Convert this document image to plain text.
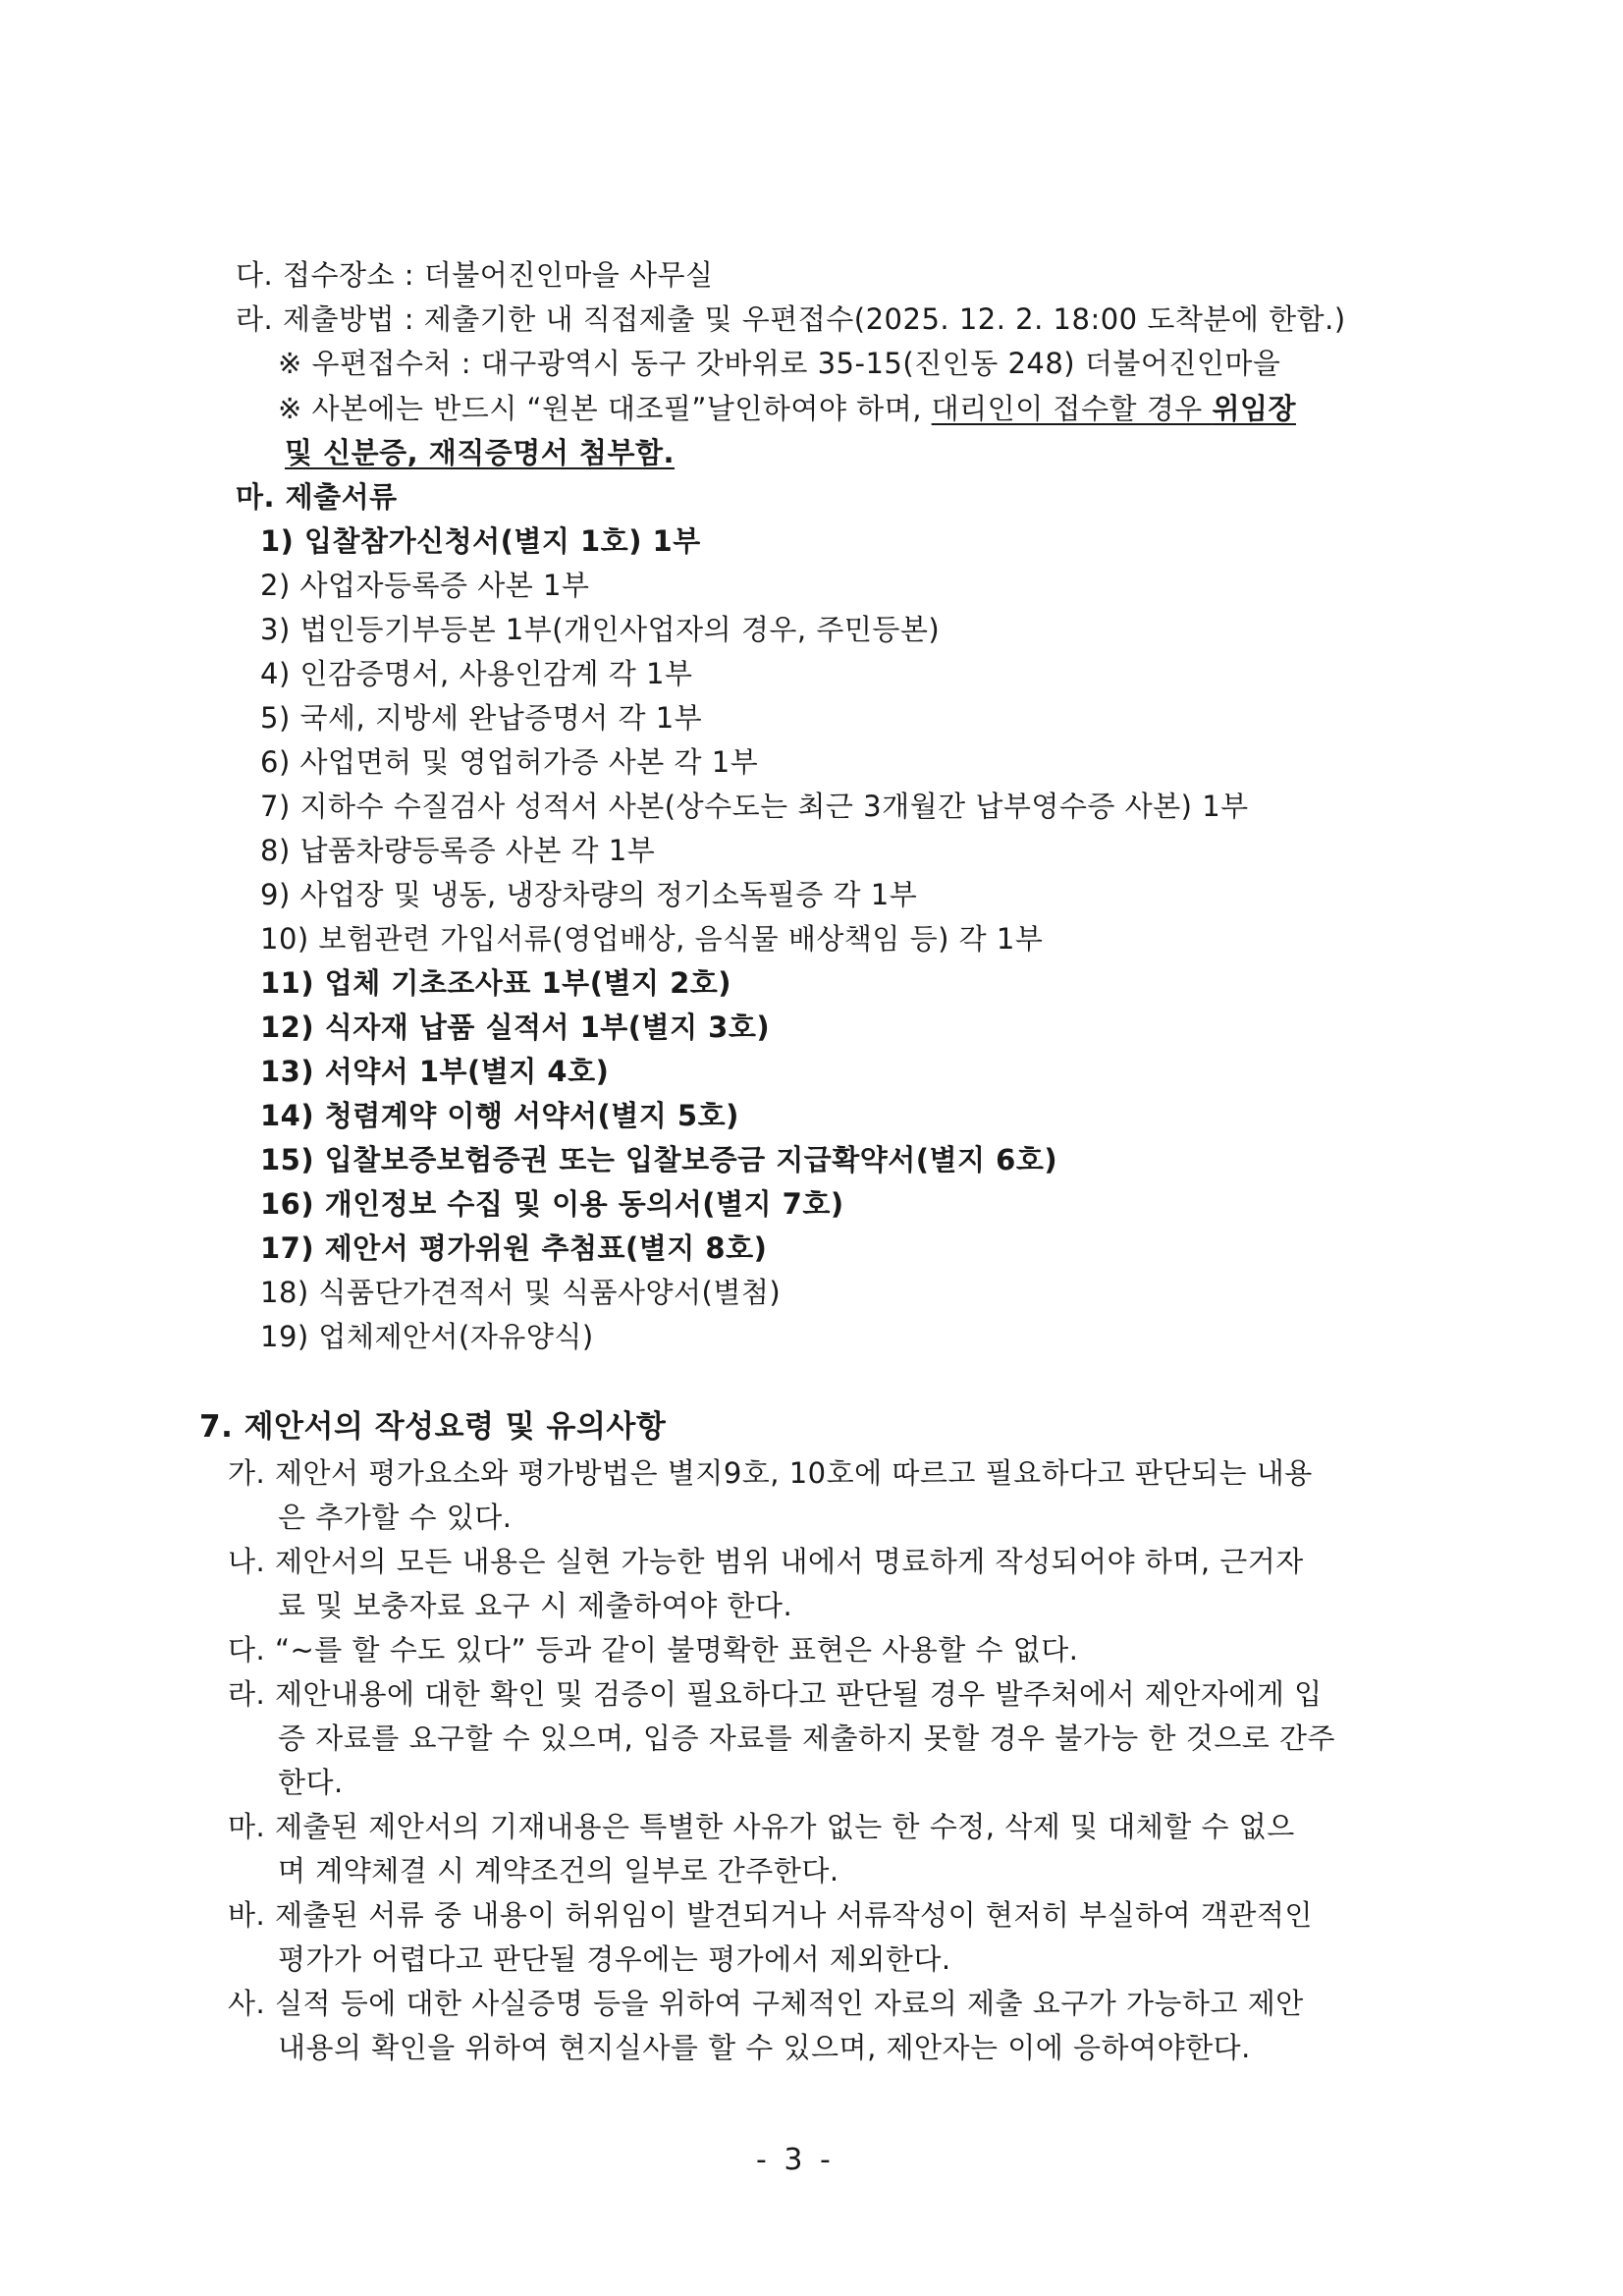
다. 접수장소 : 더불어진인마을 사무실
라. 제출방법 : 제출기한 내 직접제출 및 우편접수(2025. 12. 2. 18:00 도착분에 한함.)
※ 우편접수처 : 대구광역시 동구 갓바위로 35-15(진인동 248) 더불어진인마을
※ 사본에는 반드시 “원본 대조필”날인하여야 하며, 대리인이 접수할 경우 위임장
및 신분증, 재직증명서 첨부함.
마. 제출서류
1) 입찰참가신청서(별지 1호) 1부
2) 사업자등록증 사본 1부
3) 법인등기부등본 1부(개인사업자의 경우, 주민등본)
4) 인감증명서, 사용인감계 각 1부
5) 국세, 지방세 완납증명서 각 1부
6) 사업면허 및 영업허가증 사본 각 1부
7) 지하수 수질검사 성적서 사본(상수도는 최근 3개월간 납부영수증 사본) 1부
8) 납품차량등록증 사본 각 1부
9) 사업장 및 냉동, 냉장차량의 정기소독필증 각 1부
10) 보험관련 가입서류(영업배상, 음식물 배상책임 등) 각 1부
11) 업체 기초조사표 1부(별지 2호)
12) 식자재 납품 실적서 1부(별지 3호)
13) 서약서 1부(별지 4호)
14) 청렴계약 이행 서약서(별지 5호)
15) 입찰보증보험증권 또는 입찰보증금 지급확약서(별지 6호)
16) 개인정보 수집 및 이용 동의서(별지 7호)
17) 제안서 평가위원 추첨표(별지 8호)
18) 식품단가견적서 및 식품사양서(별첨)
19) 업체제안서(자유양식)
7. 제안서의 작성요령 및 유의사항
가. 제안서 평가요소와 평가방법은 별지9호, 10호에 따르고 필요하다고 판단되는 내용
은 추가할 수 있다.
나. 제안서의 모든 내용은 실현 가능한 범위 내에서 명료하게 작성되어야 하며, 근거자
료 및 보충자료 요구 시 제출하여야 한다.
다. “~를 할 수도 있다” 등과 같이 불명확한 표현은 사용할 수 없다.
라. 제안내용에 대한 확인 및 검증이 필요하다고 판단될 경우 발주처에서 제안자에게 입
증 자료를 요구할 수 있으며, 입증 자료를 제출하지 못할 경우 불가능 한 것으로 간주
한다.
마. 제출된 제안서의 기재내용은 특별한 사유가 없는 한 수정, 삭제 및 대체할 수 없으
며 계약체결 시 계약조건의 일부로 간주한다.
바. 제출된 서류 중 내용이 허위임이 발견되거나 서류작성이 현저히 부실하여 객관적인
평가가 어렵다고 판단될 경우에는 평가에서 제외한다.
사. 실적 등에 대한 사실증명 등을 위하여 구체적인 자료의 제출 요구가 가능하고 제안
내용의 확인을 위하여 현지실사를 할 수 있으며, 제안자는 이에 응하여야한다.
- 3 -
